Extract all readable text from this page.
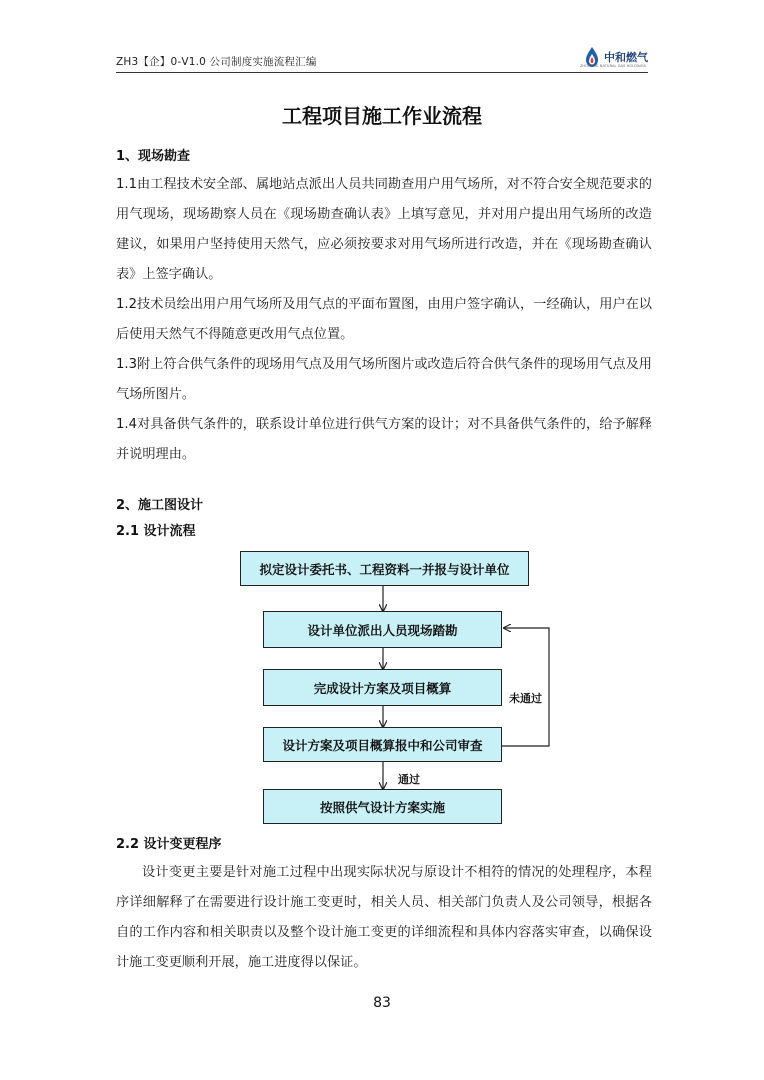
ZH3【企】0-V1.0 公司制度实施流程汇编	中和燃气
ZHONGHE NATURAL GAS HOLDINGS
工程项目施工作业流程
1、现场勘查
1.1由工程技术安全部、属地站点派出人员共同勘查用户用气场所，对不符合安全规范要求的用气现场，现场勘察人员在《现场勘查确认表》上填写意见，并对用户提出用气场所的改造建议，如果用户坚持使用天然气，应必须按要求对用气场所进行改造，并在《现场勘查确认表》上签字确认。
1.2技术员绘出用户用气场所及用气点的平面布置图，由用户签字确认，一经确认，用户在以后使用天然气不得随意更改用气点位置。
1.3附上符合供气条件的现场用气点及用气场所图片或改造后符合供气条件的现场用气点及用气场所图片。
1.4对具备供气条件的，联系设计单位进行供气方案的设计；对不具备供气条件的，给予解释并说明理由。
2、施工图设计
2.1 设计流程
拟定设计委托书、工程资料一并报与设计单位
设计单位派出人员现场踏勘
完成设计方案及项目概算
设计方案及项目概算报中和公司审查
按照供气设计方案实施
未通过
通过
2.2 设计变更程序
设计变更主要是针对施工过程中出现实际状况与原设计不相符的情况的处理程序，本程序详细解释了在需要进行设计施工变更时，相关人员、相关部门负责人及公司领导，根据各自的工作内容和相关职责以及整个设计施工变更的详细流程和具体内容落实审查，以确保设计施工变更顺利开展，施工进度得以保证。
83
